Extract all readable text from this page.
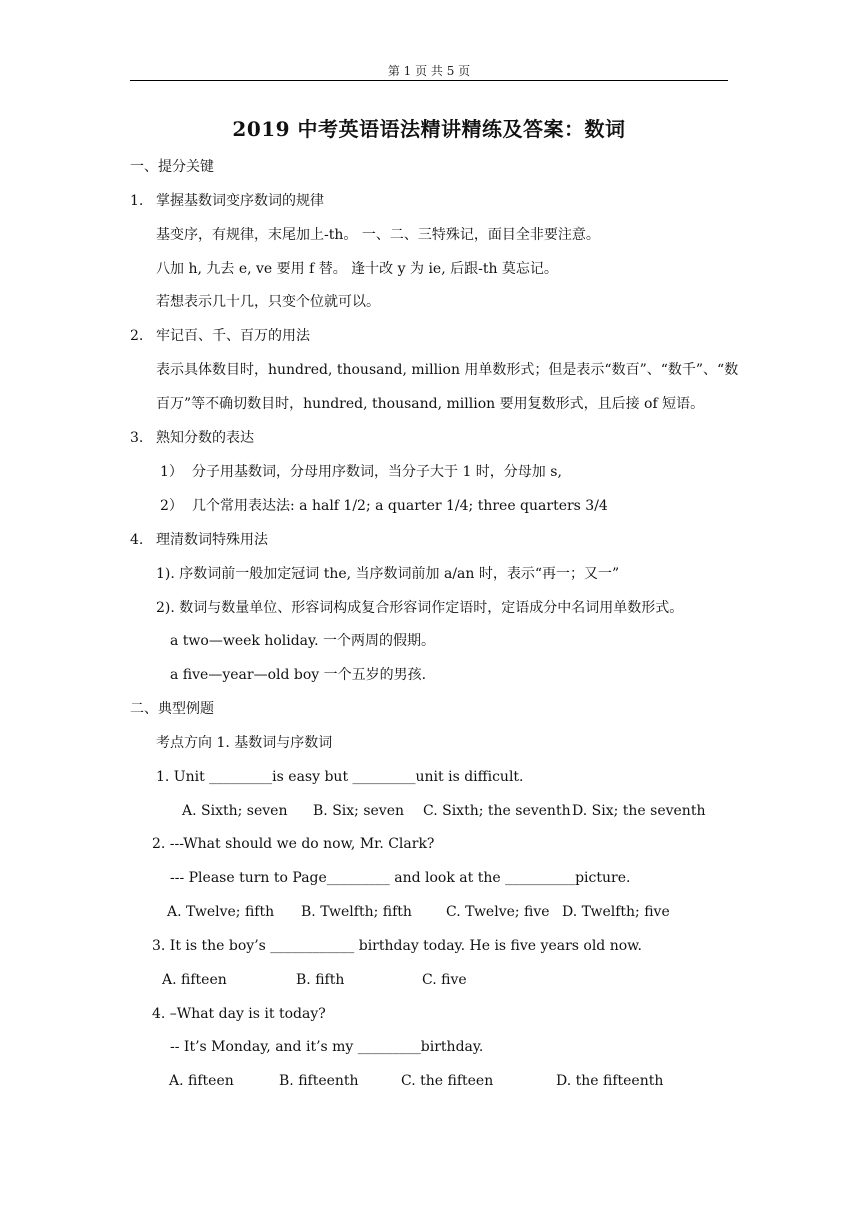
第 1 页 共 5 页
2019 中考英语语法精讲精练及答案：数词
一、提分关键
1. 掌握基数词变序数词的规律
基变序，有规律，末尾加上-th。 一、二、三特殊记，面目全非要注意。
八加 h, 九去 e, ve 要用 f 替。 逢十改 y 为 ie, 后跟-th 莫忘记。
若想表示几十几，只变个位就可以。
2. 牢记百、千、百万的用法
表示具体数目时，hundred, thousand, million 用单数形式；但是表示“数百”、“数千”、“数
百万”等不确切数目时，hundred, thousand, million 要用复数形式，且后接 of 短语。
3. 熟知分数的表达
1） 分子用基数词，分母用序数词，当分子大于 1 时，分母加 s,
2） 几个常用表达法: a half 1/2; a quarter 1/4; three quarters 3/4
4. 理清数词特殊用法
1). 序数词前一般加定冠词 the, 当序数词前加 a/an 时，表示“再一；又一”
2). 数词与数量单位、形容词构成复合形容词作定语时，定语成分中名词用单数形式。
a two—week holiday. 一个两周的假期。
a five—year—old boy 一个五岁的男孩.
二、典型例题
考点方向 1. 基数词与序数词
1. Unit _________is easy but _________unit is difficult.
A. Sixth; seven B. Six; seven C. Sixth; the seventh D. Six; the seventh
2. ---What should we do now, Mr. Clark?
--- Please turn to Page_________ and look at the __________picture.
A. Twelve; fifth B. Twelfth; fifth C. Twelve; five D. Twelfth; five
3. It is the boy’s ____________ birthday today. He is five years old now.
A. fifteen	B. fifth	C. five
4. –What day is it today?
-- It’s Monday, and it’s my _________birthday.
A. fifteen	B. fifteenth	C. the fifteen	D. the fifteenth
